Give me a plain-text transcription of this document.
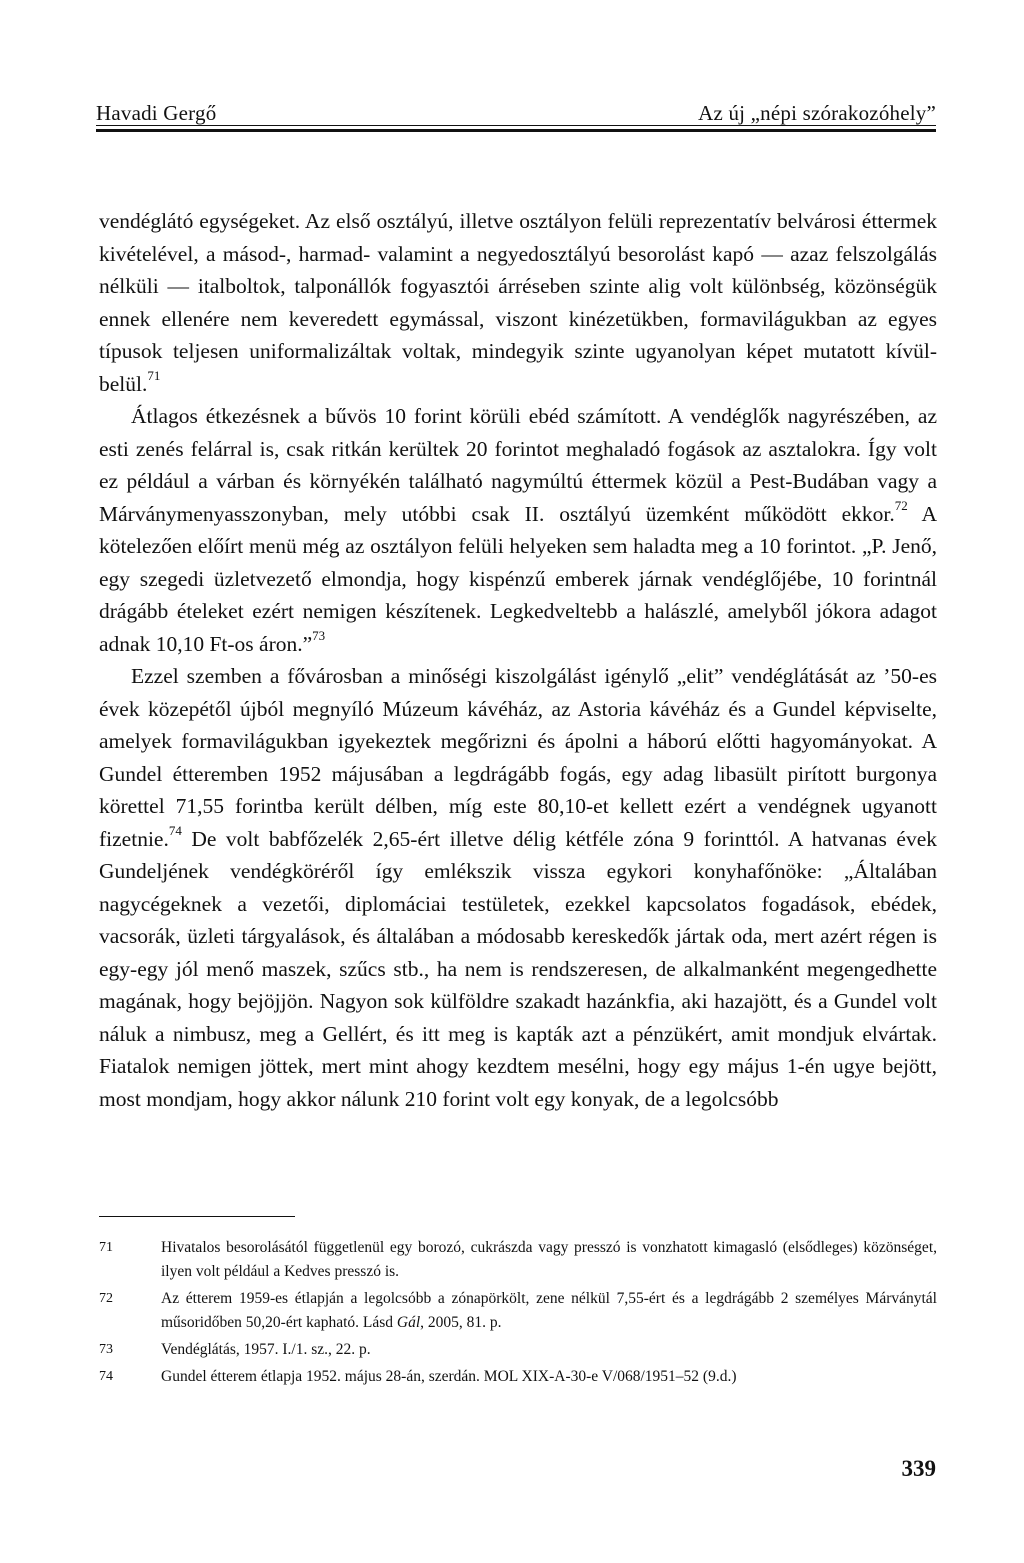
Havadi Gergő	Az új „népi szórakozóhely”

vendéglátó egységeket. Az első osztályú, illetve osztályon felüli reprezentatív belvárosi éttermek kivételével, a másod-, harmad- valamint a negyedosztályú besorolást kapó — azaz felszolgálás nélküli — italboltok, talponállók fogyasztói árréseben szinte alig volt különbség, közönségük ennek ellenére nem keveredett egymással, viszont kinézetükben, formavilágukban az egyes típusok teljesen uniformalizáltak voltak, mindegyik szinte ugyanolyan képet mutatott kívül-belül.$^{71}$

Átlagos étkezésnek a bűvös 10 forint körüli ebéd számított. A vendéglők nagyrészében, az esti zenés felárral is, csak ritkán kerültek 20 forintot meghaladó fogások az asztalokra. Így volt ez például a várban és környékén található nagymúltú éttermek közül a Pest-Budában vagy a Márványmenyasszonyban, mely utóbbi csak II. osztályú üzemként működött ekkor.$^{72}$ A kötelezően előírt menü még az osztályon felüli helyeken sem haladta meg a 10 forintot. „P. Jenő, egy szegedi üzletvezető elmondja, hogy kispénzű emberek járnak vendéglőjébe, 10 forintnál drágább ételeket ezért nemigen készítenek. Legkedveltebb a halászlé, amelyből jókora adagot adnak 10,10 Ft-os áron.”$^{73}$

Ezzel szemben a fővárosban a minőségi kiszolgálást igénylő „elit” vendéglátását az ’50-es évek közepétől újból megnyíló Múzeum kávéház, az Astoria kávéház és a Gundel képviselte, amelyek formavilágukban igyekeztek megőrizni és ápolni a háború előtti hagyományokat. A Gundel étteremben 1952 májusában a legdrágább fogás, egy adag libasült pirított burgonya körettel 71,55 forintba került délben, míg este 80,10-et kellett ezért a vendégnek ugyanott fizetnie.$^{74}$ De volt babfőzelék 2,65-ért illetve délig kétféle zóna 9 forinttól. A hatvanas évek Gundeljének vendégköréről így emlékszik vissza egykori konyhafőnöke: „Általában nagycégeknek a vezetői, diplomáciai testületek, ezekkel kapcsolatos fogadások, ebédek, vacsorák, üzleti tárgyalások, és általában a módosabb kereskedők jártak oda, mert azért régen is egy-egy jól menő maszek, szűcs stb., ha nem is rendszeresen, de alkalmanként megengedhette magának, hogy bejöjjön. Nagyon sok külföldre szakadt hazánkfia, aki hazajött, és a Gundel volt náluk a nimbusz, meg a Gellért, és itt meg is kapták azt a pénzükért, amit mondjuk elvártak. Fiatalok nemigen jöttek, mert mint ahogy kezdtem mesélni, hogy egy május 1-én ugye bejött, most mondjam, hogy akkor nálunk 210 forint volt egy konyak, de a legolcsóbb

71	Hivatalos besorolásától függetlenül egy borozó, cukrászda vagy presszó is vonzhatott kimagasló (elsődleges) közönséget, ilyen volt például a Kedves presszó is.
72	Az étterem 1959-es étlapján a legolcsóbb a zónapörkölt, zene nélkül 7,55-ért és a legdrágább 2 személyes Márványtál műsoridőben 50,20-ért kapható. Lásd Gál, 2005, 81. p.
73	Vendéglátás, 1957. I./1. sz., 22. p.
74	Gundel étterem étlapja 1952. május 28-án, szerdán. MOL XIX-A-30-e V/068/1951–52 (9.d.)
339
